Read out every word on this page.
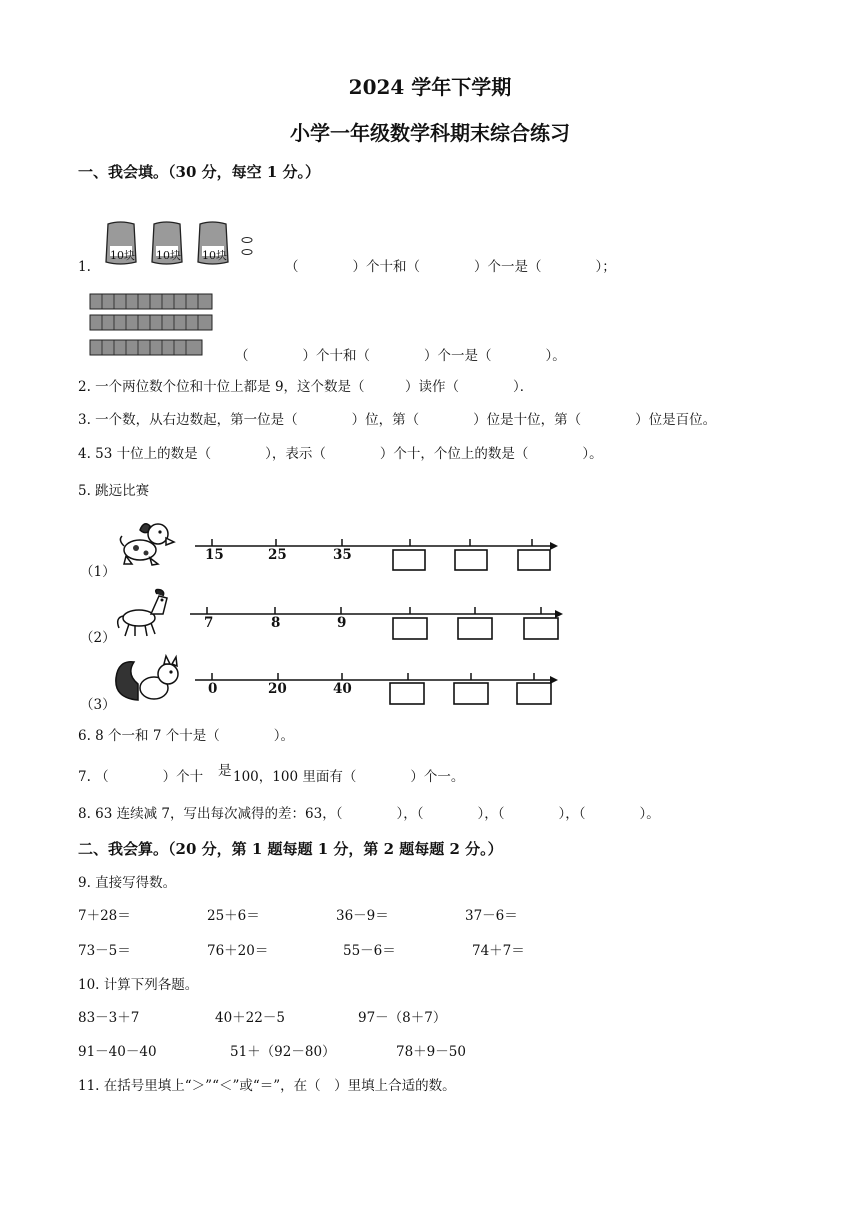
2024 学年下学期
小学一年级数学科期末综合练习
一、我会填。（30 分，每空 1 分。）
1.
10块 10块 10块
（　　　　）个十和（　　　　）个一是（　　　　）；
（　　　　）个十和（　　　　）个一是（　　　　）。
2. 一个两位数个位和十位上都是 9，这个数是（　　　）读作（　　　　）．
3. 一个数，从右边数起，第一位是（　　　　）位，第（　　　　）位是十位，第（　　　　）位是百位。
4. 53 十位上的数是（　　　　），表示（　　　　）个十，个位上的数是（　　　　）。
5. 跳远比赛
（1）
15	25	35
（2）
7	8	9
（3）
0	20	40
6. 8 个一和 7 个十是（　　　　）。
7. （　　　　）个十 是 100，100 里面有（　　　　）个一。
8. 63 连续减 7，写出每次减得的差：63，（　　　　），（　　　　），（　　　　），（　　　　）。
二、我会算。（20 分，第 1 题每题 1 分，第 2 题每题 2 分。）
9. 直接写得数。
7＋28＝	25＋6＝	36－9＝	37－6＝
73－5＝	76＋20＝	55－6＝	74＋7＝
10. 计算下列各题。
83－3＋7	40＋22－5	97－（8＋7）
91－40－40	51＋（92－80）	78＋9－50
11. 在括号里填上“＞”“＜”或“＝”，在（　）里填上合适的数。
